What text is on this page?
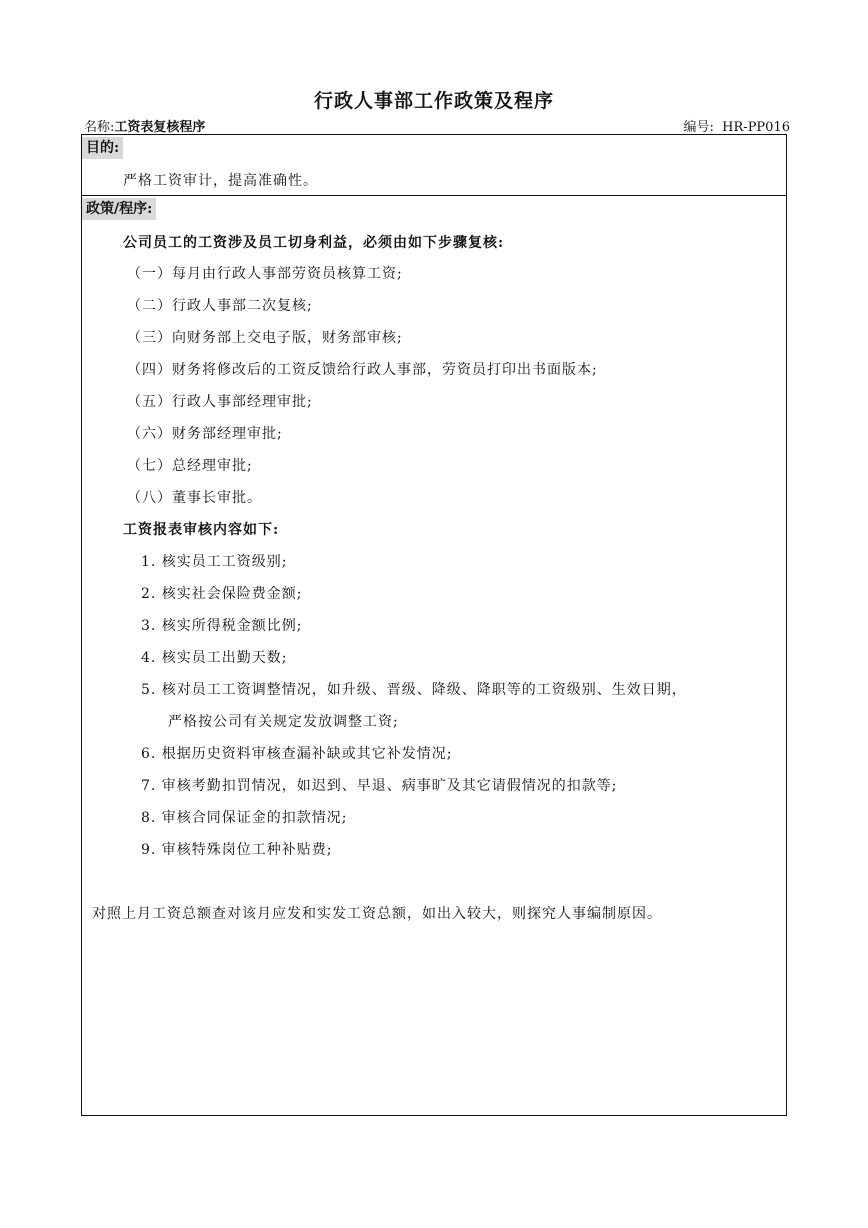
行政人事部工作政策及程序
名称:工资表复核程序	编号: HR-PP016
目的:
严格工资审计，提高准确性。
政策/程序:
公司员工的工资涉及员工切身利益，必须由如下步骤复核:
（一）每月由行政人事部劳资员核算工资;
（二）行政人事部二次复核;
（三）向财务部上交电子版，财务部审核;
（四）财务将修改后的工资反馈给行政人事部，劳资员打印出书面版本;
（五）行政人事部经理审批;
（六）财务部经理审批;
（七）总经理审批;
（八）董事长审批。
工资报表审核内容如下:
1. 核实员工工资级别;
2. 核实社会保险费金额;
3. 核实所得税金额比例;
4. 核实员工出勤天数;
5. 核对员工工资调整情况，如升级、晋级、降级、降职等的工资级别、生效日期，
严格按公司有关规定发放调整工资;
6. 根据历史资料审核查漏补缺或其它补发情况;
7. 审核考勤扣罚情况，如迟到、早退、病事旷及其它请假情况的扣款等;
8. 审核合同保证金的扣款情况;
9. 审核特殊岗位工种补贴费;
对照上月工资总额查对该月应发和实发工资总额，如出入较大，则探究人事编制原因。
